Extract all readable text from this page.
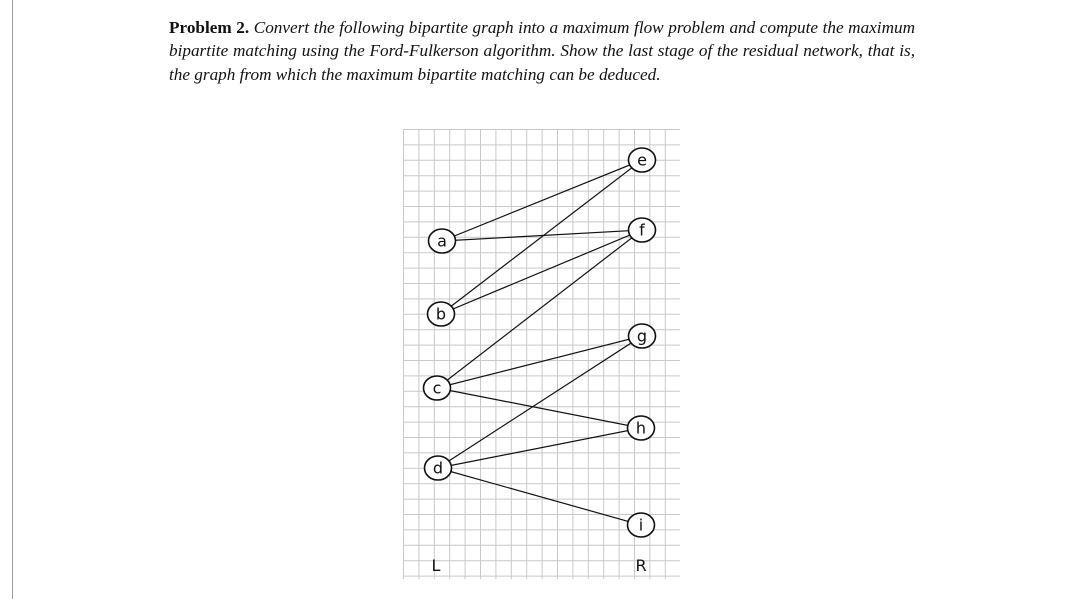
Problem 2. Convert the following bipartite graph into a maximum flow problem and compute the maximum bipartite matching using the Ford-Fulkerson algorithm. Show the last stage of the residual network, that is, the graph from which the maximum bipartite matching can be deduced.

a
b
c
d
e
f
g
h
i
L	R
